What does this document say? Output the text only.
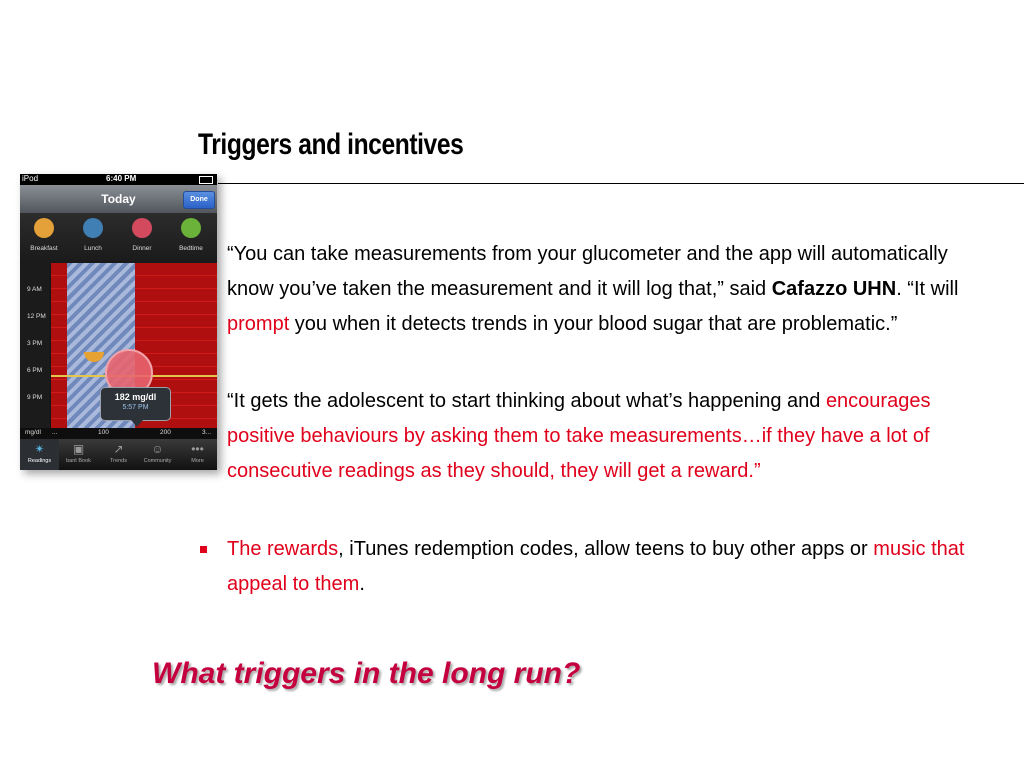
Triggers and incentives
iPod	6:40 PM
Today	Done
Breakfast	Lunch	Dinner	Bedtime
9 AM
12 PM
3 PM
6 PM
9 PM	182 mg/dl
5:57 PM
mg/dl ...	100	200	3...
✴
Readings
▣
bant Book
↗
Trends
☺
Community
•••
More
“You can take measurements from your glucometer and the app will automatically know you’ve taken the measurement and it will log that,” said Cafazzo UHN. “It will prompt you when it detects trends in your blood sugar that are problematic.”
“It gets the adolescent to start thinking about what’s happening and encourages positive behaviours by asking them to take measurements…if they have a lot of consecutive readings as they should, they will get a reward.”
The rewards, iTunes redemption codes, allow teens to buy other apps or music that appeal to them.
What triggers in the long run?
